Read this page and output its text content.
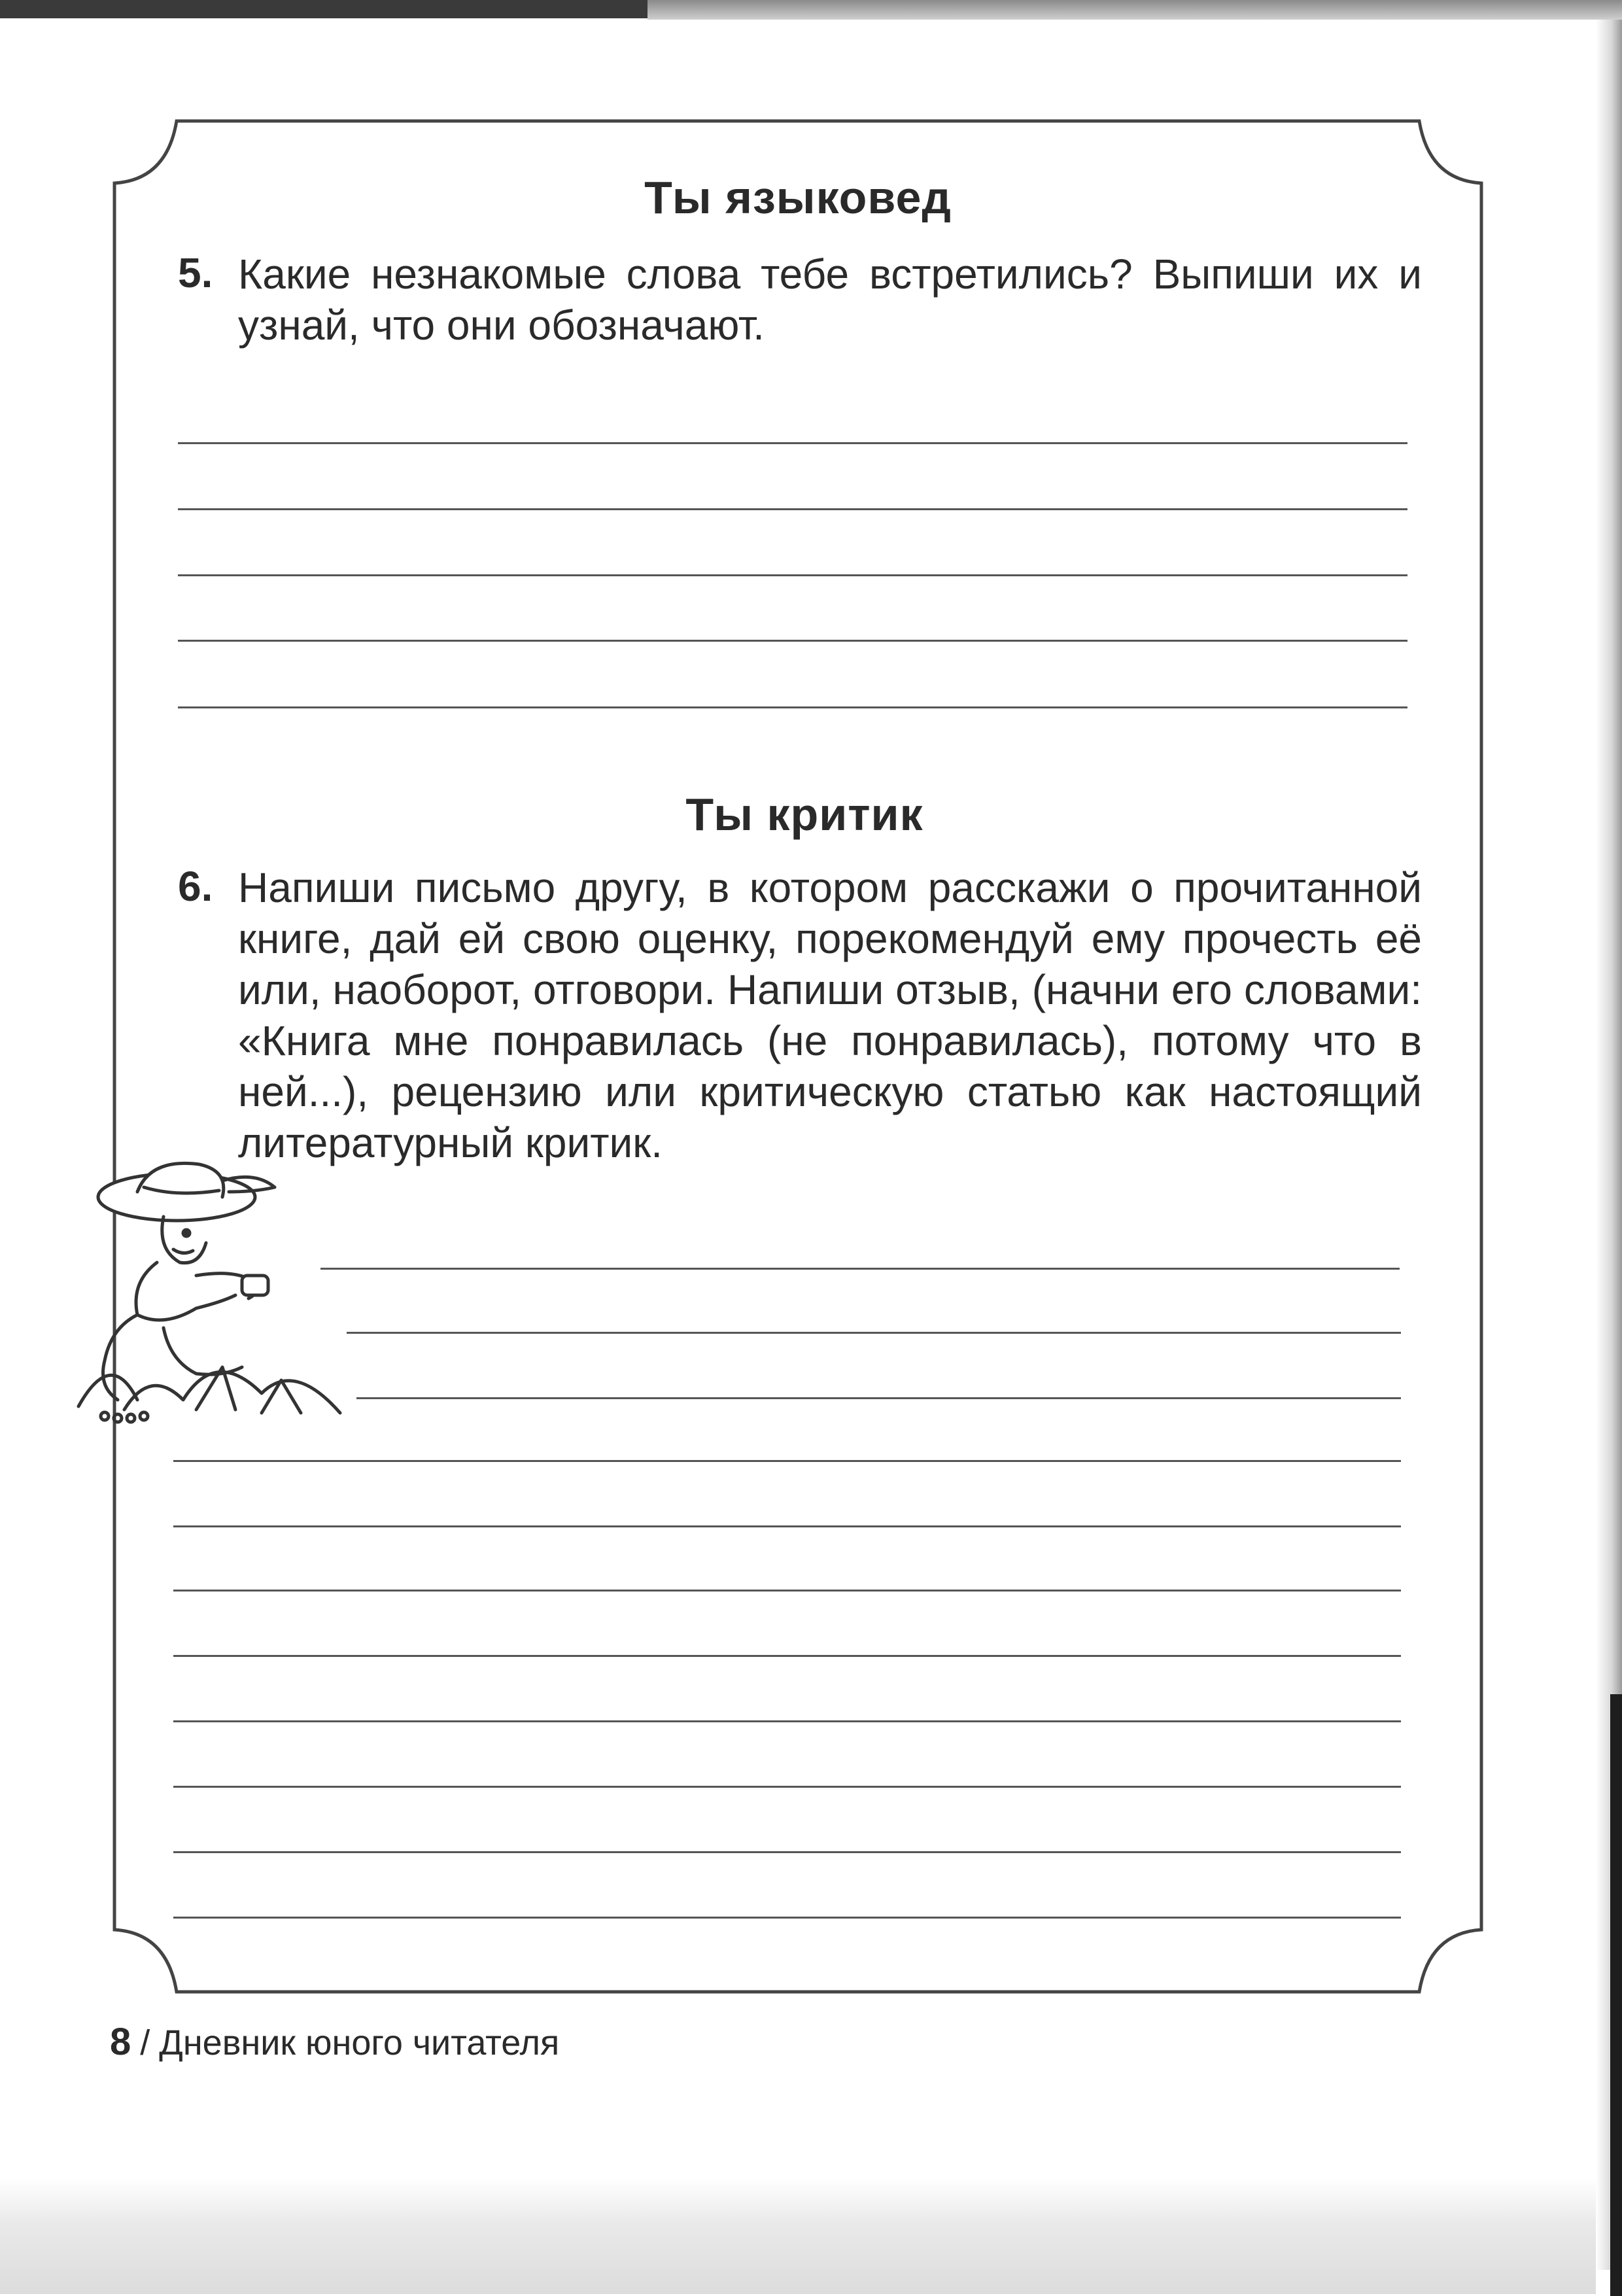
Ты языковед
5. Какие незнакомые слова тебе встретились? Выпиши их и узнай, что они обозначают.
Ты критик
6. Напиши письмо другу, в котором расскажи о прочитанной книге, дай ей свою оценку, порекомендуй ему прочесть её или, наоборот, отговори. Напиши отзыв, (начни его словами: «Книга мне понравилась (не понравилась), потому что в ней...), рецензию или критическую статью как настоящий литературный критик.
8 / Дневник юного читателя
